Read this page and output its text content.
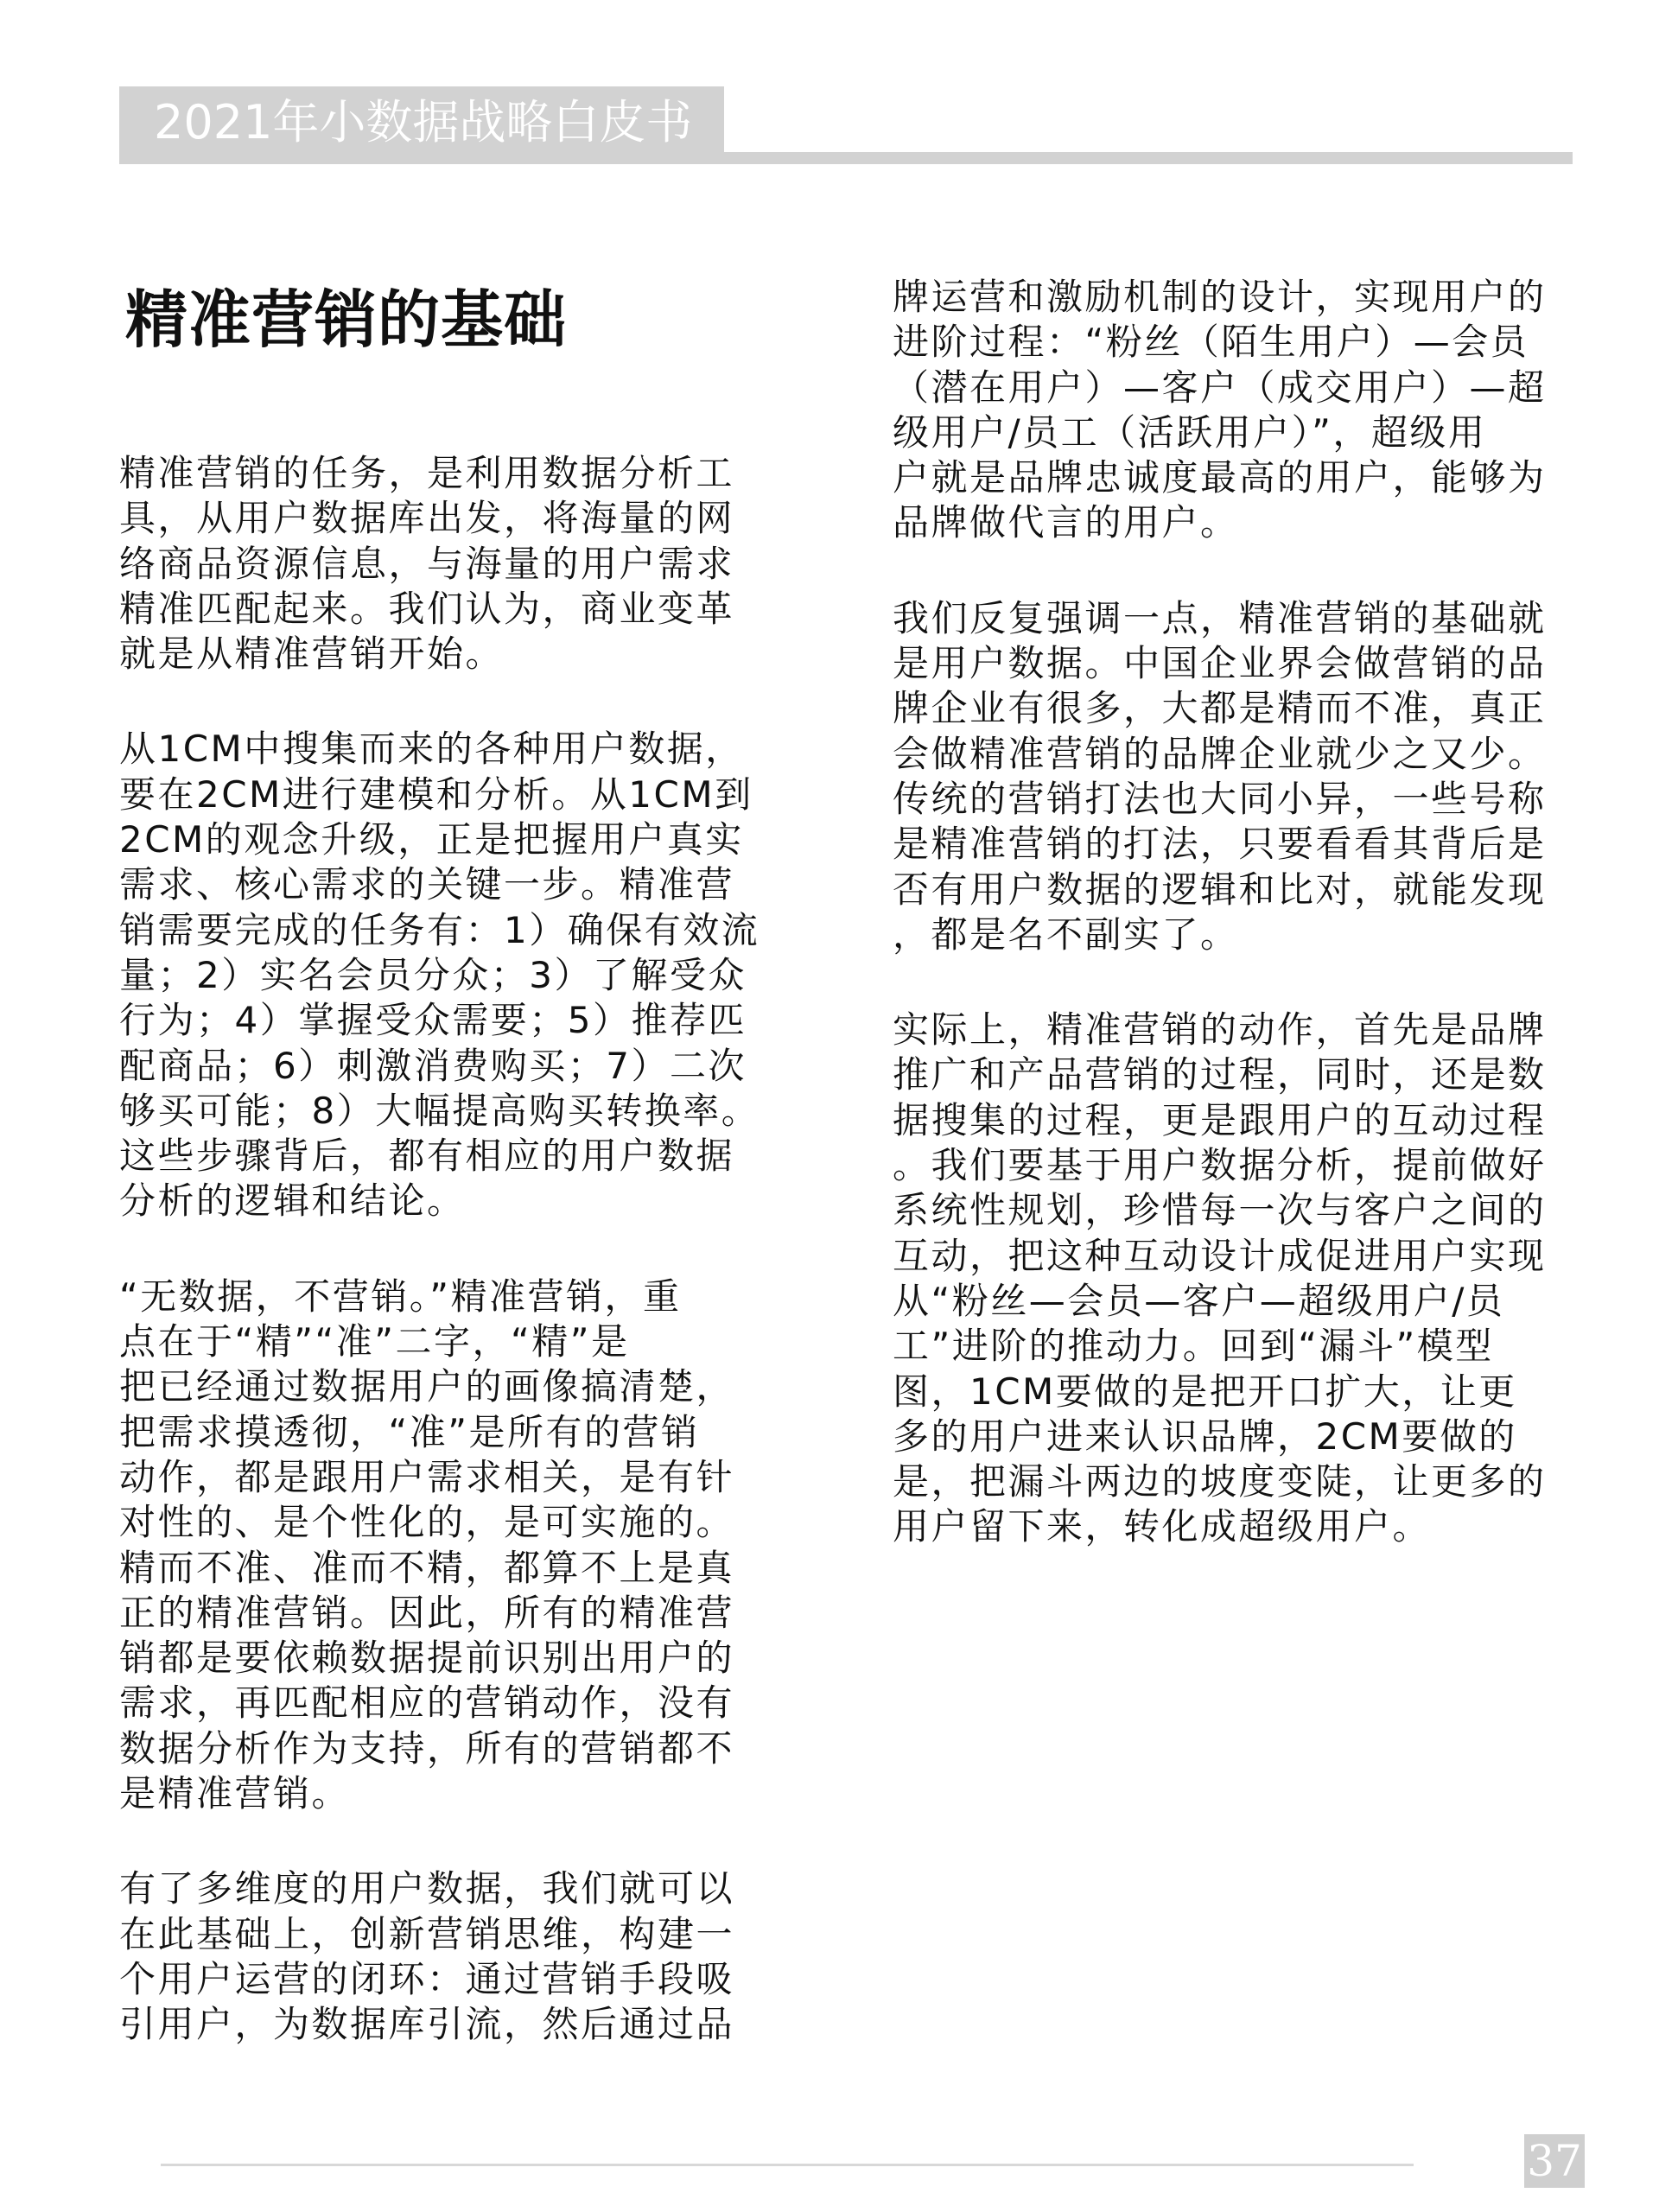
2021年小数据战略白皮书
精准营销的基础

精准营销的任务，是利用数据分析工
具，从用户数据库出发，将海量的网
络商品资源信息，与海量的用户需求
精准匹配起来。我们认为，商业变革
就是从精准营销开始。

从1CM中搜集而来的各种用户数据，
要在2CM进行建模和分析。从1CM到
2CM的观念升级，正是把握用户真实
需求、核心需求的关键一步。精准营
销需要完成的任务有：1）确保有效流
量；2）实名会员分众；3）了解受众
行为；4）掌握受众需要；5）推荐匹
配商品；6）刺激消费购买；7）二次
够买可能；8）大幅提高购买转换率。
这些步骤背后，都有相应的用户数据
分析的逻辑和结论。

“无数据，不营销。”精准营销，重
点在于“精”“准”二字，“精”是
把已经通过数据用户的画像搞清楚，
把需求摸透彻，“准”是所有的营销
动作，都是跟用户需求相关，是有针
对性的、是个性化的，是可实施的。
精而不准、准而不精，都算不上是真
正的精准营销。因此，所有的精准营
销都是要依赖数据提前识别出用户的
需求，再匹配相应的营销动作，没有
数据分析作为支持，所有的营销都不
是精准营销。

有了多维度的用户数据，我们就可以
在此基础上，创新营销思维，构建一
个用户运营的闭环：通过营销手段吸
引用户，为数据库引流，然后通过品

牌运营和激励机制的设计，实现用户的
进阶过程：“粉丝（陌生用户）—会员
（潜在用户）—客户（成交用户）—超
级用户/员工（活跃用户）”，超级用
户就是品牌忠诚度最高的用户，能够为
品牌做代言的用户。

我们反复强调一点，精准营销的基础就
是用户数据。中国企业界会做营销的品
牌企业有很多，大都是精而不准，真正
会做精准营销的品牌企业就少之又少。
传统的营销打法也大同小异，一些号称
是精准营销的打法，只要看看其背后是
否有用户数据的逻辑和比对，就能发现
，都是名不副实了。

实际上，精准营销的动作，首先是品牌
推广和产品营销的过程，同时，还是数
据搜集的过程，更是跟用户的互动过程
。我们要基于用户数据分析，提前做好
系统性规划，珍惜每一次与客户之间的
互动，把这种互动设计成促进用户实现
从“粉丝—会员—客户—超级用户/员
工”进阶的推动力。回到“漏斗”模型
图，1CM要做的是把开口扩大，让更
多的用户进来认识品牌，2CM要做的
是，把漏斗两边的坡度变陡，让更多的
用户留下来，转化成超级用户。

37
